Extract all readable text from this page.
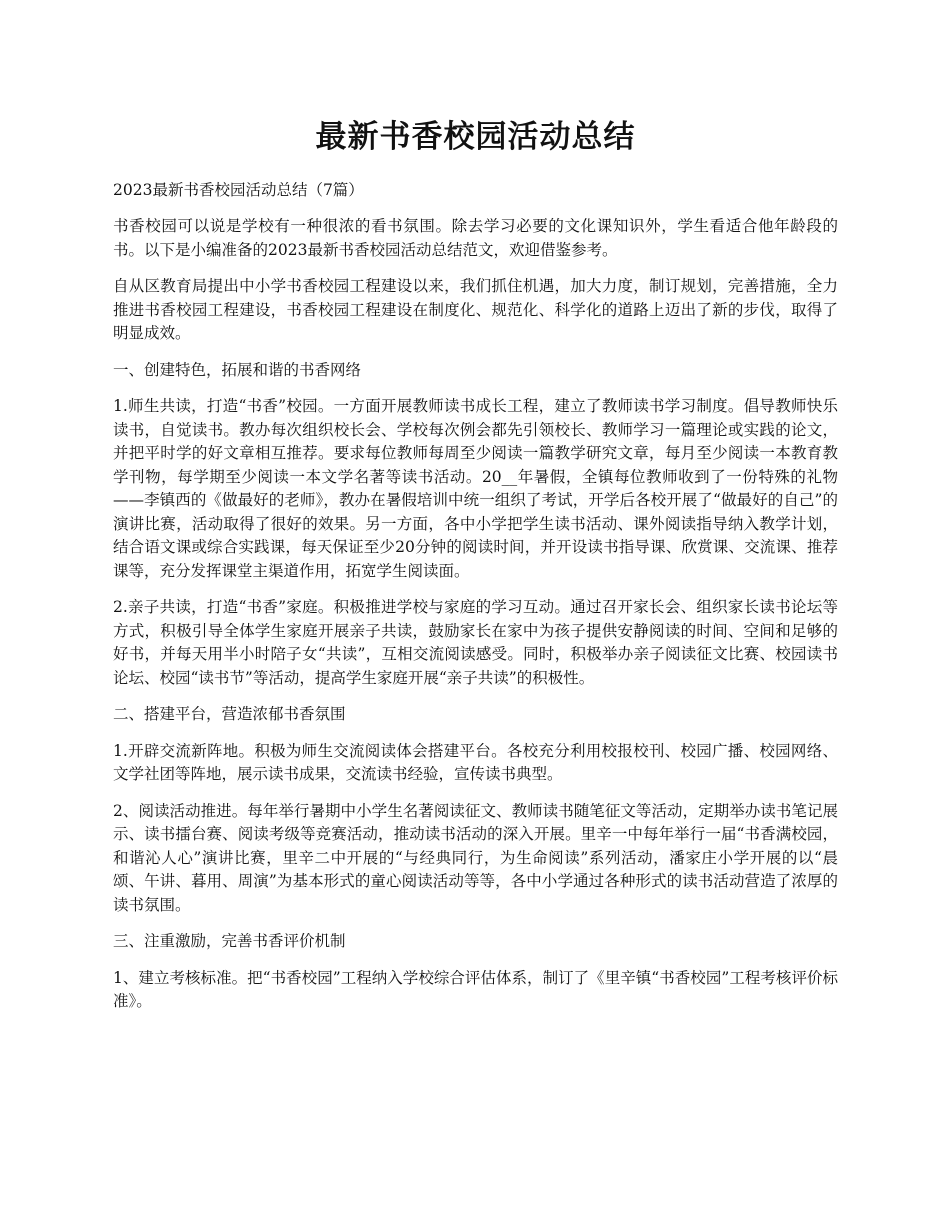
最新书香校园活动总结

2023最新书香校园活动总结（7篇）

书香校园可以说是学校有一种很浓的看书氛围。除去学习必要的文化课知识外，学生看适合他年龄段的书。以下是小编准备的2023最新书香校园活动总结范文，欢迎借鉴参考。

自从区教育局提出中小学书香校园工程建设以来，我们抓住机遇，加大力度，制订规划，完善措施，全力推进书香校园工程建设，书香校园工程建设在制度化、规范化、科学化的道路上迈出了新的步伐，取得了明显成效。

一、创建特色，拓展和谐的书香网络

1.师生共读，打造“书香”校园。一方面开展教师读书成长工程，建立了教师读书学习制度。倡导教师快乐读书，自觉读书。教办每次组织校长会、学校每次例会都先引领校长、教师学习一篇理论或实践的论文，并把平时学的好文章相互推荐。要求每位教师每周至少阅读一篇教学研究文章，每月至少阅读一本教育教学刊物，每学期至少阅读一本文学名著等读书活动。20__年暑假，全镇每位教师收到了一份特殊的礼物——李镇西的《做最好的老师》，教办在暑假培训中统一组织了考试，开学后各校开展了“做最好的自己”的演讲比赛，活动取得了很好的效果。另一方面，各中小学把学生读书活动、课外阅读指导纳入教学计划，结合语文课或综合实践课，每天保证至少20分钟的阅读时间，并开设读书指导课、欣赏课、交流课、推荐课等，充分发挥课堂主渠道作用，拓宽学生阅读面。

2.亲子共读，打造“书香”家庭。积极推进学校与家庭的学习互动。通过召开家长会、组织家长读书论坛等方式，积极引导全体学生家庭开展亲子共读，鼓励家长在家中为孩子提供安静阅读的时间、空间和足够的好书，并每天用半小时陪子女“共读”，互相交流阅读感受。同时，积极举办亲子阅读征文比赛、校园读书论坛、校园“读书节”等活动，提高学生家庭开展“亲子共读”的积极性。

二、搭建平台，营造浓郁书香氛围

1.开辟交流新阵地。积极为师生交流阅读体会搭建平台。各校充分利用校报校刊、校园广播、校园网络、文学社团等阵地，展示读书成果，交流读书经验，宣传读书典型。

2、阅读活动推进。每年举行暑期中小学生名著阅读征文、教师读书随笔征文等活动，定期举办读书笔记展示、读书擂台赛、阅读考级等竞赛活动，推动读书活动的深入开展。里辛一中每年举行一届“书香满校园，和谐沁人心”演讲比赛，里辛二中开展的“与经典同行，为生命阅读”系列活动，潘家庄小学开展的以“晨颂、午讲、暮用、周演”为基本形式的童心阅读活动等等，各中小学通过各种形式的读书活动营造了浓厚的读书氛围。

三、注重激励，完善书香评价机制

1、建立考核标准。把“书香校园”工程纳入学校综合评估体系，制订了《里辛镇“书香校园”工程考核评价标准》。
